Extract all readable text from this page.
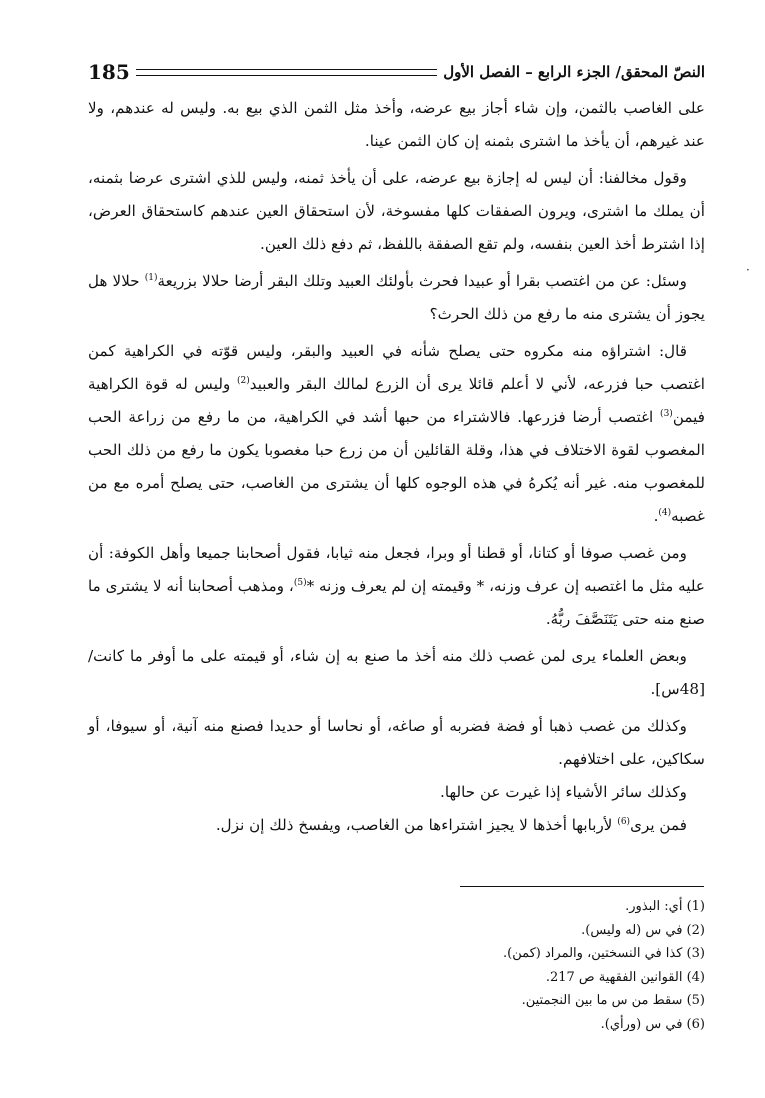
185	النصّ المحقق/ الجزء الرابع – الفصل الأول

على الغاصب بالثمن، وإن شاء أجاز بيع عرضه، وأخذ مثل الثمن الذي بيع به. وليس له عندهم، ولا عند غيرهم، أن يأخذ ما اشترى بثمنه إن كان الثمن عينا.

وقول مخالفنا: أن ليس له إجازة بيع عرضه، على أن يأخذ ثمنه، وليس للذي اشترى عرضا بثمنه، أن يملك ما اشترى، ويرون الصفقات كلها مفسوخة، لأن استحقاق العين عندهم كاستحقاق العرض، إذا اشترط أخذ العين بنفسه، ولم تقع الصفقة باللفظ، ثم دفع ذلك العين.

وسئل: عن من اغتصب بقرا أو عبيدا فحرث بأولئك العبيد وتلك البقر أرضا حلالا بزريعة$^{(1)}$ حلالا هل يجوز أن يشترى منه ما رفع من ذلك الحرث؟

قال: اشتراؤه منه مكروه حتى يصلح شأنه في العبيد والبقر، وليس قوّته في الكراهية كمن اغتصب حبا فزرعه، لأني لا أعلم قائلا يرى أن الزرع لمالك البقر والعبيد$^{(2)}$ وليس له قوة الكراهية فيمن$^{(3)}$ اغتصب أرضا فزرعها. فالاشتراء من حبها أشد في الكراهية، من ما رفع من زراعة الحب المغصوب لقوة الاختلاف في هذا، وقلة القائلين أن من زرع حبا مغصوبا يكون ما رفع من ذلك الحب للمغصوب منه. غير أنه يُكرهُ في هذه الوجوه كلها أن يشترى من الغاصب، حتى يصلح أمره مع من غصبه$^{(4)}$.

ومن غصب صوفا أو كتانا، أو قطنا أو وبرا، فجعل منه ثيابا، فقول أصحابنا جميعا وأهل الكوفة: أن عليه مثل ما اغتصبه إن عرف وزنه، * وقيمته إن لم يعرف وزنه *$^{(5)}$، ومذهب أصحابنا أنه لا يشترى ما صنع منه حتى يَتَنَصَّفَ ربُّهُ.

وبعض العلماء يرى لمن غصب ذلك منه أخذ ما صنع به إن شاء، أو قيمته على ما أوفر ما كانت/ [48س].

وكذلك من غصب ذهبا أو فضة فضربه أو صاغه، أو نحاسا أو حديدا فصنع منه آنية، أو سيوفا، أو سكاكين، على اختلافهم.

وكذلك سائر الأشياء إذا غيرت عن حالها.

فمن يرى$^{(6)}$ لأربابها أخذها لا يجيز اشتراءها من الغاصب، ويفسخ ذلك إن نزل.

·
(1) أي: البذور.
(2) في س (له وليس).
(3) كذا في النسختين، والمراد (كمن).
(4) القوانين الفقهية ص 217.
(5) سقط من س ما بين النجمتين.
(6) في س (ورأي).
